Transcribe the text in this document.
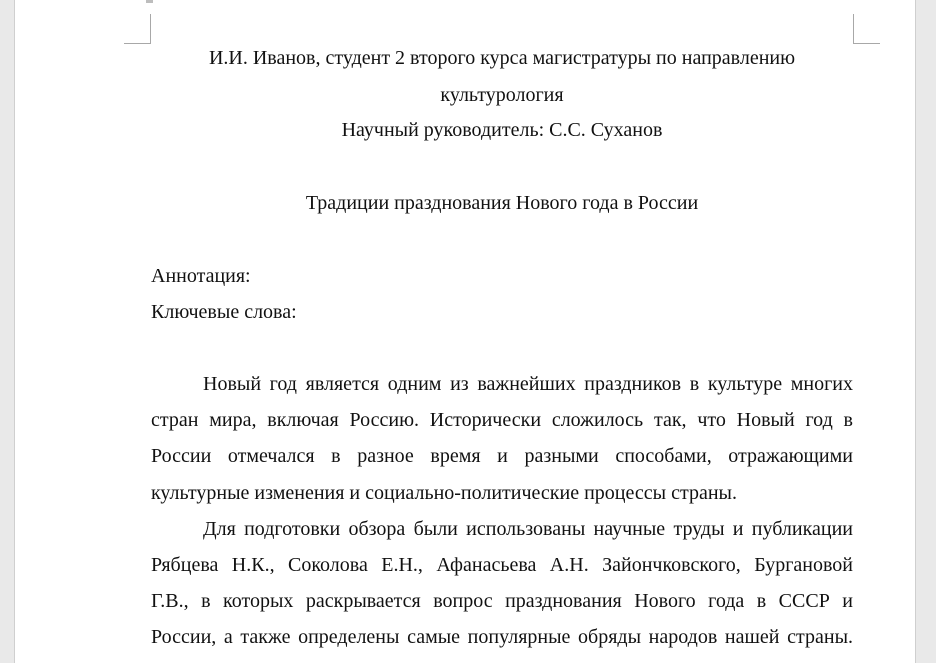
И.И. Иванов, студент 2 второго курса магистратуры по направлению
культурология
Научный руководитель: С.С. Суханов
Традиции празднования Нового года в России
Аннотация:
Ключевые слова:
Новый год является одним из важнейших праздников в культуре многих
стран мира, включая Россию. Исторически сложилось так, что Новый год в
России отмечался в разное время и разными способами, отражающими
культурные изменения и социально-политические процессы страны.
Для подготовки обзора были использованы научные труды и публикации
Рябцева Н.К., Соколова Е.Н., Афанасьева А.Н. Зайончковского, Бургановой
Г.В., в которых раскрывается вопрос празднования Нового года в СССР и
России, а также определены самые популярные обряды народов нашей страны.
